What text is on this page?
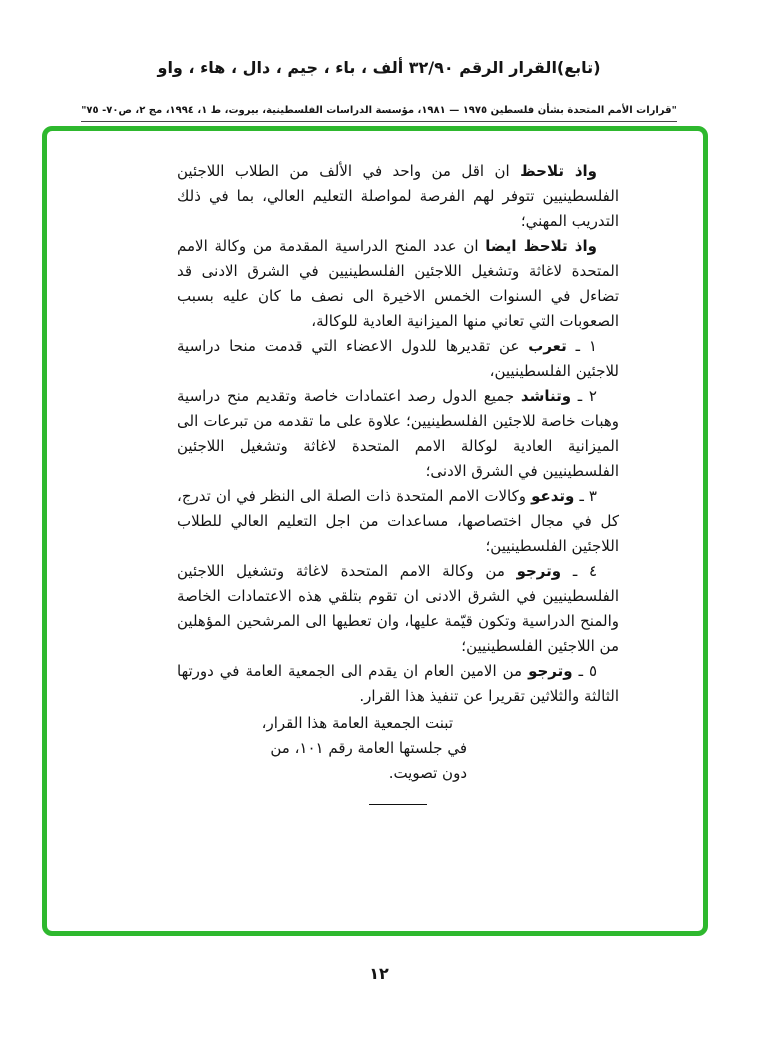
(تابع)القرار الرقم ٣٢/٩٠ ألف ، باء ، جيم ، دال ، هاء ، واو

"قرارات الأمم المتحدة بشأن فلسطين ١٩٧٥ — ١٩٨١، مؤسسة الدراسات الفلسطينية، بيروت، ط ١، ١٩٩٤، مج ٢، ص٧٠- ٧٥"

واذ تلاحظ ان اقل من واحد في الألف من الطلاب اللاجئين الفلسطينيين تتوفر لهم الفرصة لمواصلة التعليم العالي، بما في ذلك التدريب المهني؛

واذ تلاحظ ايضا ان عدد المنح الدراسية المقدمة من وكالة الامم المتحدة لاغاثة وتشغيل اللاجئين الفلسطينيين في الشرق الادنى قد تضاءل في السنوات الخمس الاخيرة الى نصف ما كان عليه بسبب الصعوبات التي تعاني منها الميزانية العادية للوكالة،

١ ـ تعرب عن تقديرها للدول الاعضاء التي قدمت منحا دراسية للاجئين الفلسطينيين،

٢ ـ وتناشد جميع الدول رصد اعتمادات خاصة وتقديم منح دراسية وهبات خاصة للاجئين الفلسطينيين؛ علاوة على ما تقدمه من تبرعات الى الميزانية العادية لوكالة الامم المتحدة لاغاثة وتشغيل اللاجئين الفلسطينيين في الشرق الادنى؛

٣ ـ وتدعو وكالات الامم المتحدة ذات الصلة الى النظر في ان تدرج، كل في مجال اختصاصها، مساعدات من اجل التعليم العالي للطلاب اللاجئين الفلسطينيين؛

٤ ـ وترجو من وكالة الامم المتحدة لاغاثة وتشغيل اللاجئين الفلسطينيين في الشرق الادنى ان تقوم بتلقي هذه الاعتمادات الخاصة والمنح الدراسية وتكون قيّمة عليها، وان تعطيها الى المرشحين المؤهلين من اللاجئين الفلسطينيين؛

٥ ـ وترجو من الامين العام ان يقدم الى الجمعية العامة في دورتها الثالثة والثلاثين تقريرا عن تنفيذ هذا القرار.

تبنت الجمعية العامة هذا القرار، في جلستها العامة رقم ١٠١، من دون تصويت.

١٢
